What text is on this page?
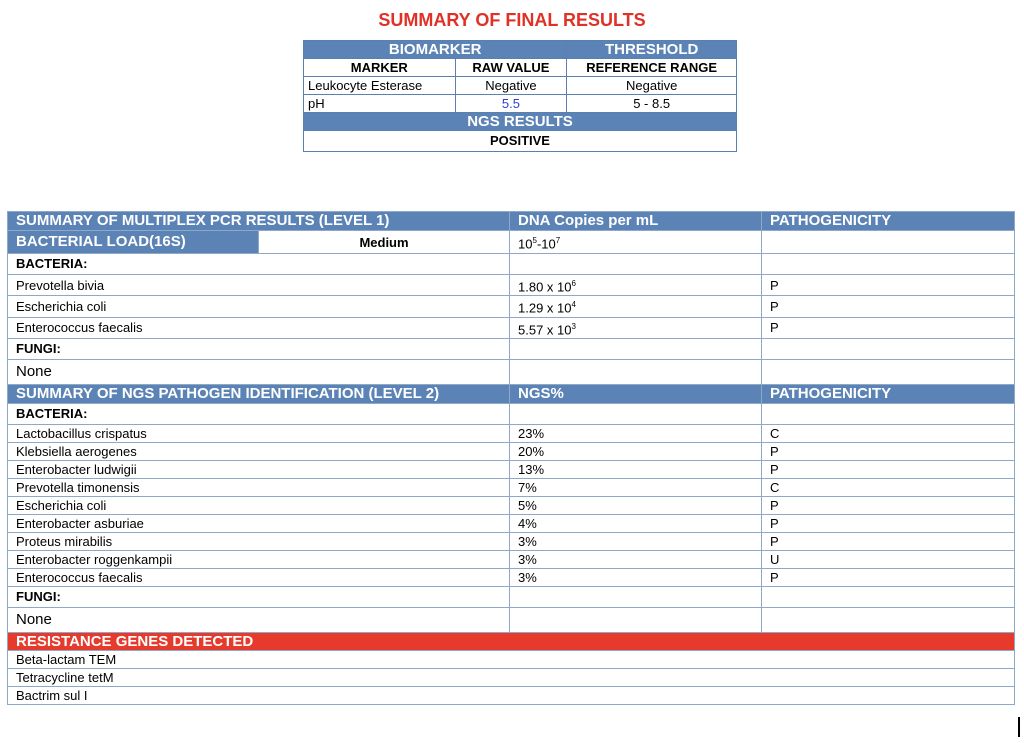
SUMMARY OF FINAL RESULTS
BIOMARKER		THRESHOLD
MARKER	RAW VALUE	REFERENCE RANGE
Leukocyte Esterase	Negative	Negative
pH	5.5	5 - 8.5
NGS RESULTS		
POSITIVE		
SUMMARY OF MULTIPLEX PCR RESULTS (LEVEL 1)		DNA Copies per mL	PATHOGENICITY
BACTERIAL LOAD(16S)	Medium	$10^5-10^7$	
BACTERIA:			
Prevotella bivia		1.80 x $10^6$	P
Escherichia coli		1.29 x $10^4$	P
Enterococcus faecalis		5.57 x $10^3$	P
FUNGI:			
None			
SUMMARY OF NGS PATHOGEN IDENTIFICATION (LEVEL 2)		NGS%	PATHOGENICITY
BACTERIA:			
Lactobacillus crispatus		23%	C
Klebsiella aerogenes		20%	P
Enterobacter ludwigii		13%	P
Prevotella timonensis		7%	C
Escherichia coli		5%	P
Enterobacter asburiae		4%	P
Proteus mirabilis		3%	P
Enterobacter roggenkampii		3%	U
Enterococcus faecalis		3%	P
FUNGI:			
None			
RESISTANCE GENES DETECTED			
Beta-lactam TEM			
Tetracycline tetM			
Bactrim sul I			
